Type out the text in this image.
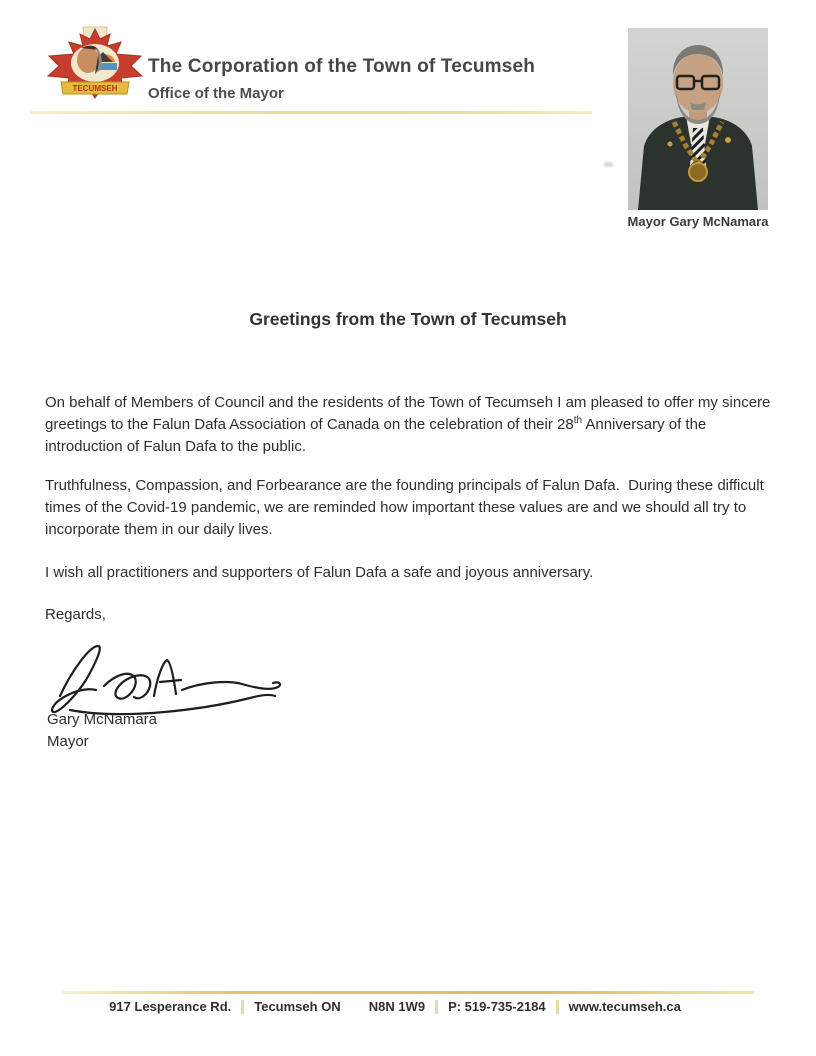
TECUMSEH
The Corporation of the Town of Tecumseh
Office of the Mayor
Mayor Gary McNamara
Greetings from the Town of Tecumseh
On behalf of Members of Council and the residents of the Town of Tecumseh I am pleased to offer my sincere greetings to the Falun Dafa Association of Canada on the celebration of their 28th Anniversary of the introduction of Falun Dafa to the public.
Truthfulness, Compassion, and Forbearance are the founding principals of Falun Dafa.  During these difficult times of the Covid-19 pandemic, we are reminded how important these values are and we should all try to incorporate them in our daily lives.
I wish all practitioners and supporters of Falun Dafa a safe and joyous anniversary.
Regards,
Gary McNamara
Mayor
917 Lesperance Rd. Tecumseh ON N8N 1W9 P: 519-735-2184 www.tecumseh.ca
